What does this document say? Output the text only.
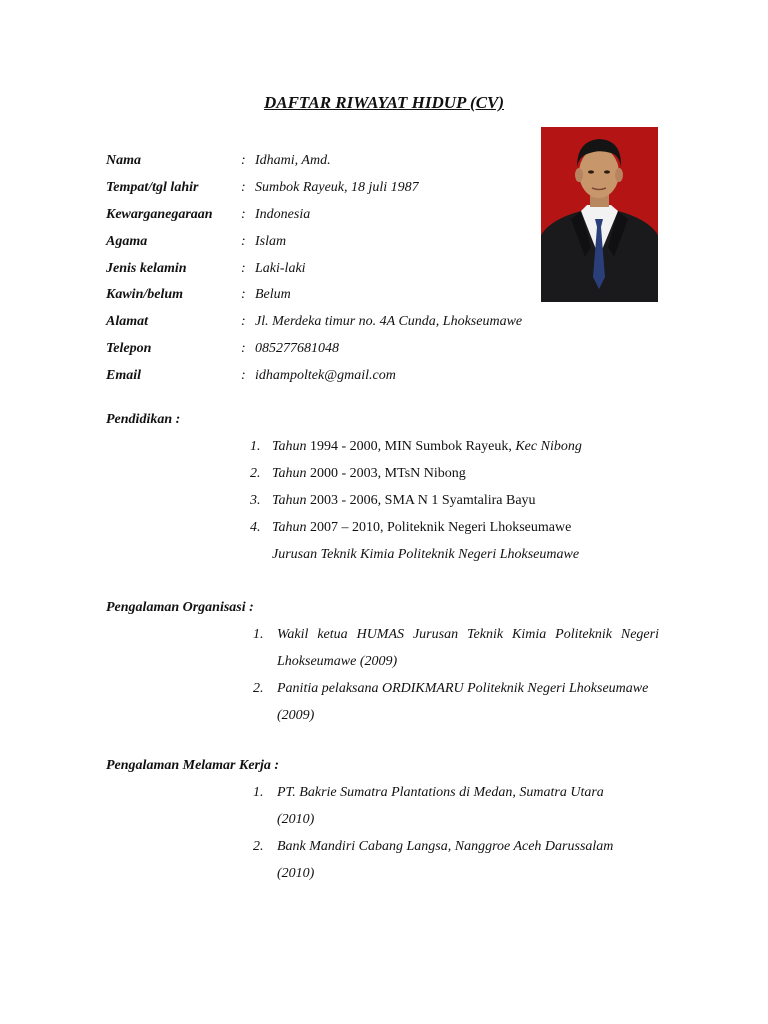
DAFTAR RIWAYAT HIDUP (CV)
Nama	: Idhami, Amd.
Tempat/tgl lahir	: Sumbok Rayeuk, 18 juli 1987
Kewarganegaraan : Indonesia
Agama	: Islam
Jenis kelamin	: Laki-laki
Kawin/belum	: Belum
Alamat	: Jl. Merdeka timur no. 4A Cunda, Lhokseumawe
Telepon	: 085277681048
Email	: idhampoltek@gmail.com
Pendidikan :
1. Tahun 1994 - 2000, MIN Sumbok Rayeuk, Kec Nibong
2. Tahun 2000 - 2003, MTsN Nibong
3. Tahun 2003 - 2006, SMA N 1 Syamtalira Bayu
4. Tahun 2007 – 2010, Politeknik Negeri Lhokseumawe
Jurusan Teknik Kimia Politeknik Negeri Lhokseumawe
Pengalaman Organisasi :
1. Wakil ketua HUMAS Jurusan Teknik Kimia Politeknik Negeri
Lhokseumawe (2009)
2. Panitia pelaksana ORDIKMARU Politeknik Negeri Lhokseumawe
(2009)
Pengalaman Melamar Kerja :
1. PT. Bakrie Sumatra Plantations di Medan, Sumatra Utara
(2010)
2. Bank Mandiri Cabang Langsa, Nanggroe Aceh Darussalam
(2010)
